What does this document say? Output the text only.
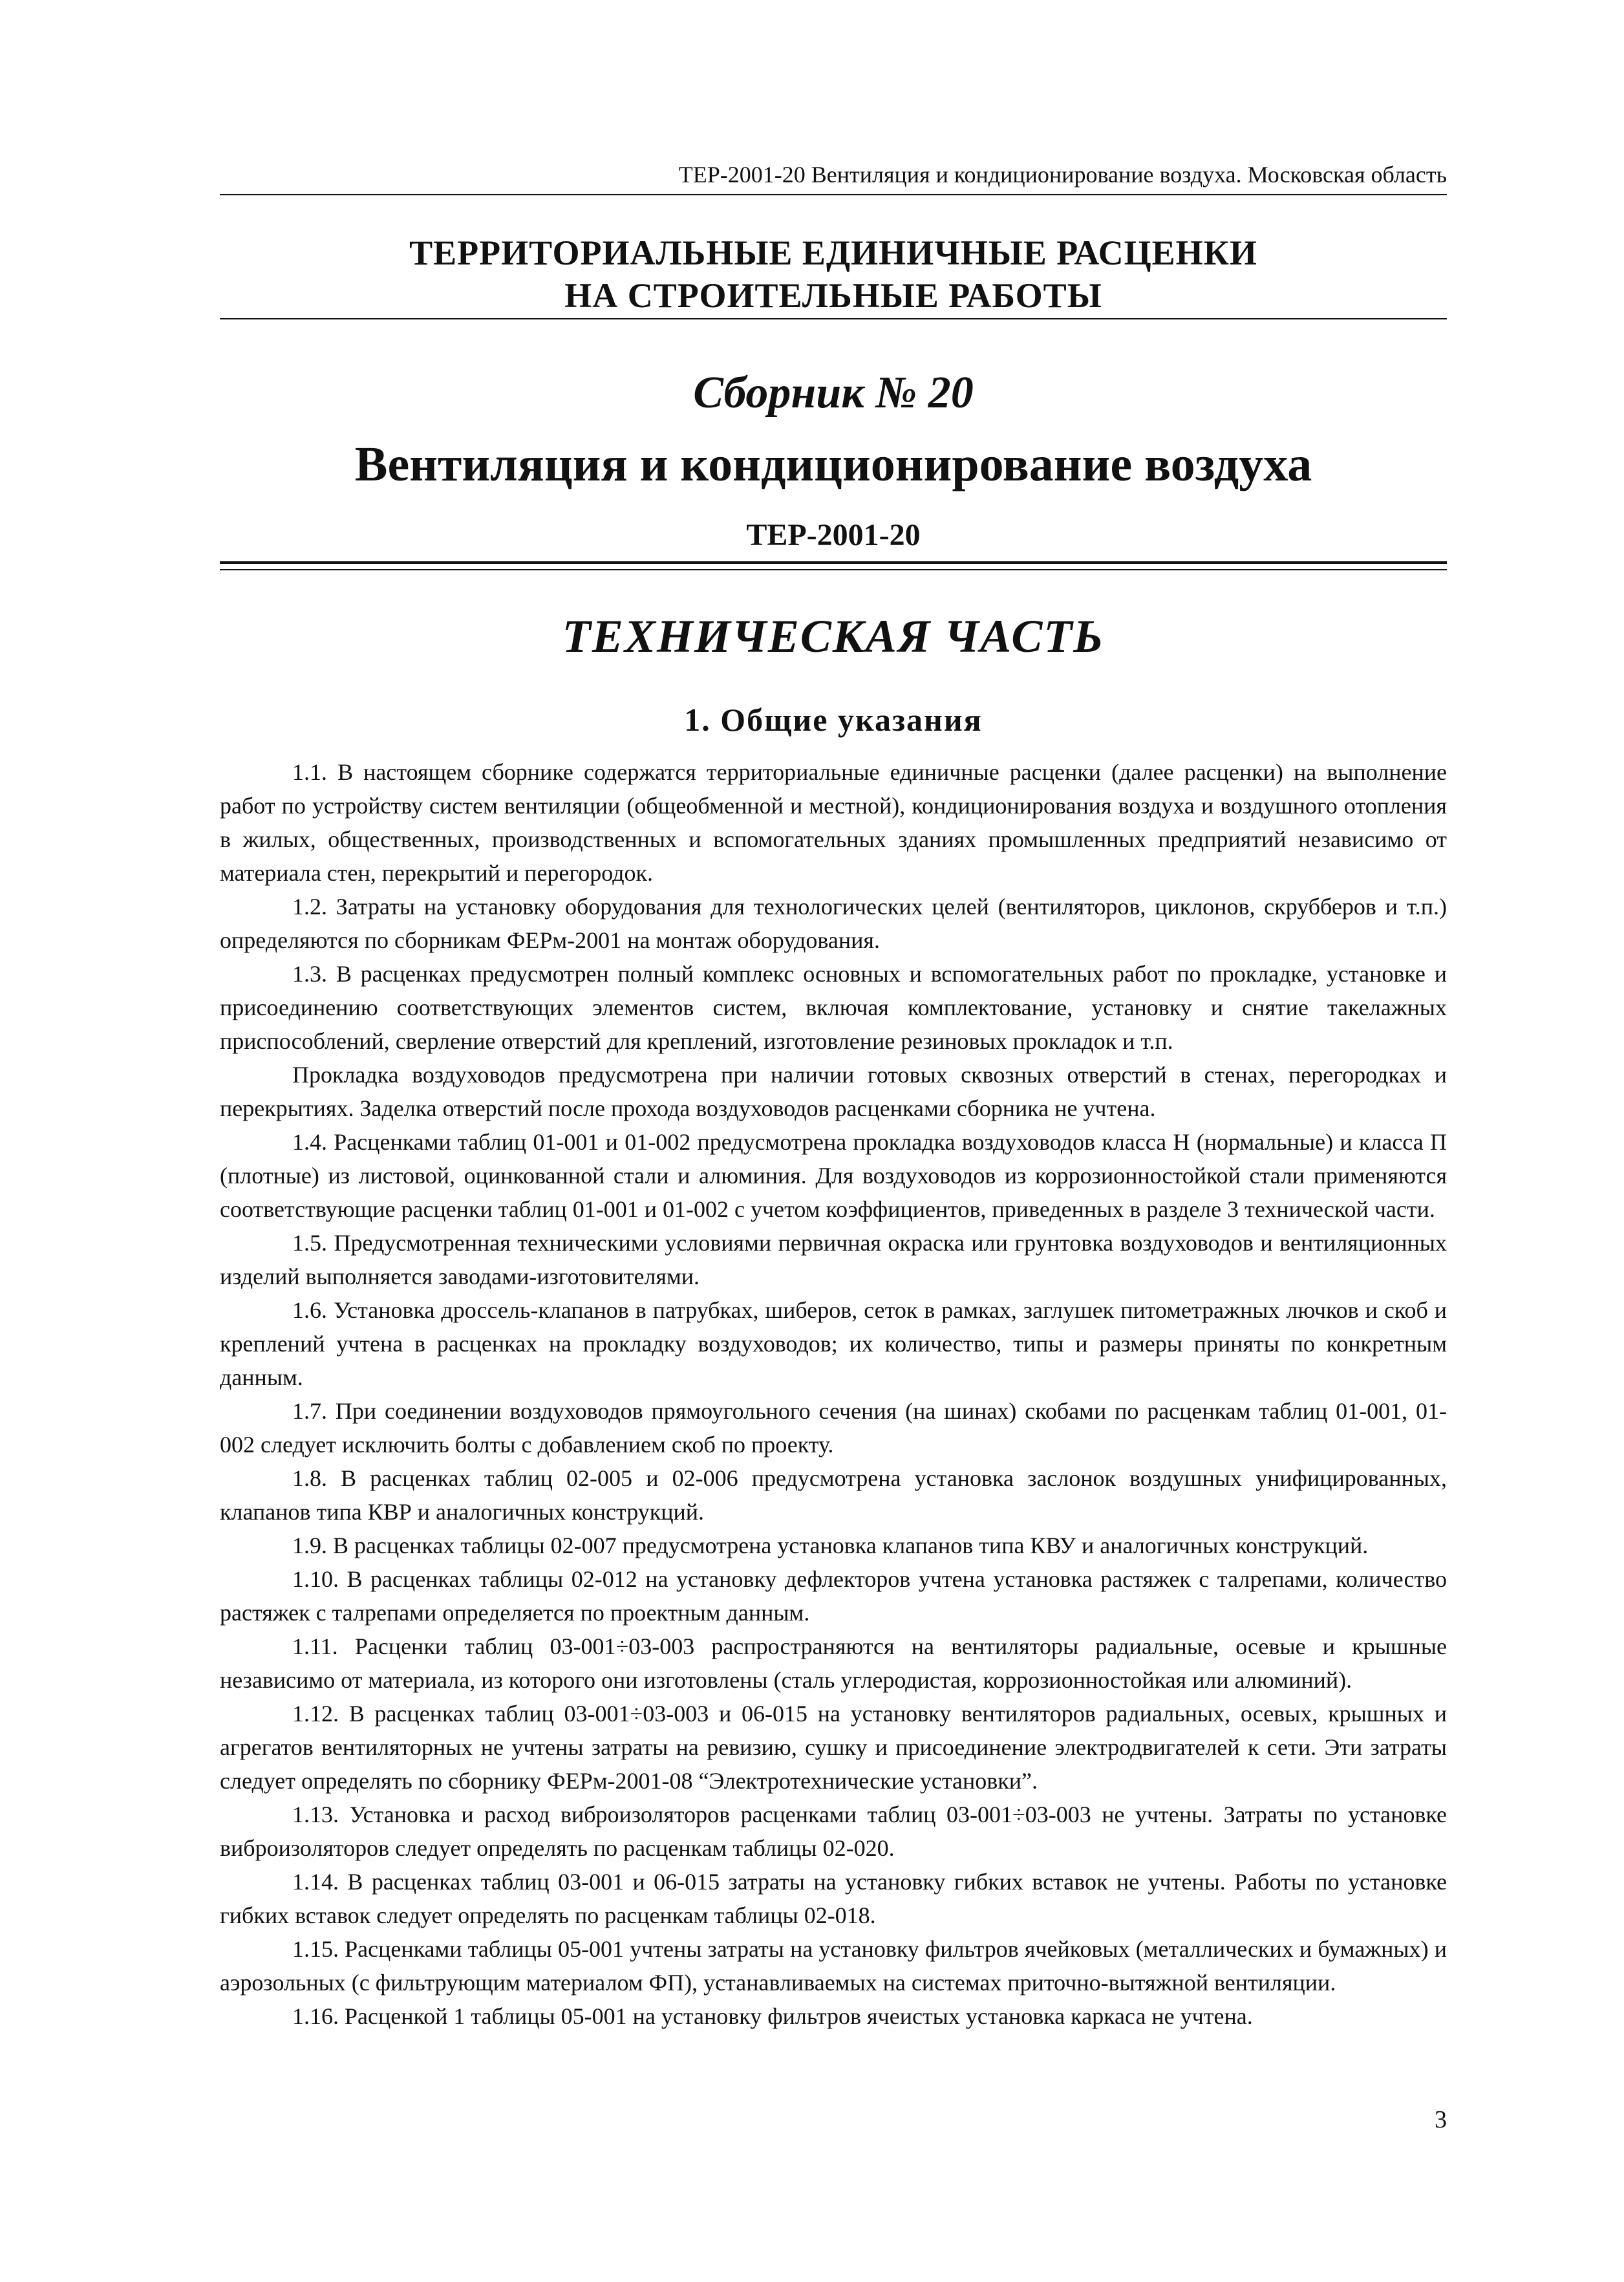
ТЕР-2001-20 Вентиляция и кондиционирование воздуха. Московская область
ТЕРРИТОРИАЛЬНЫЕ ЕДИНИЧНЫЕ РАСЦЕНКИ
НА СТРОИТЕЛЬНЫЕ РАБОТЫ
Сборник № 20
Вентиляция и кондиционирование воздуха
ТЕР-2001-20
ТЕХНИЧЕСКАЯ ЧАСТЬ
1. Общие указания

1.1. В настоящем сборнике содержатся территориальные единичные расценки (далее расценки) на выполнение работ по устройству систем вентиляции (общеобменной и местной), кондиционирования воздуха и воздушного отопления в жилых, общественных, производственных и вспомогательных зданиях промышленных предприятий независимо от материала стен, перекрытий и перегородок.

1.2. Затраты на установку оборудования для технологических целей (вентиляторов, циклонов, скрубберов и т.п.) определяются по сборникам ФЕРм-2001 на монтаж оборудования.

1.3. В расценках предусмотрен полный комплекс основных и вспомогательных работ по прокладке, установке и присоединению соответствующих элементов систем, включая комплектование, установку и снятие такелажных приспособлений, сверление отверстий для креплений, изготовление резиновых прокладок и т.п.

Прокладка воздуховодов предусмотрена при наличии готовых сквозных отверстий в стенах, перегородках и перекрытиях. Заделка отверстий после прохода воздуховодов расценками сборника не учтена.

1.4. Расценками таблиц 01-001 и 01-002 предусмотрена прокладка воздуховодов класса Н (нормальные) и класса П (плотные) из листовой, оцинкованной стали и алюминия. Для воздуховодов из коррозионностойкой стали применяются соответствующие расценки таблиц 01-001 и 01-002 с учетом коэффициентов, приведенных в разделе 3 технической части.

1.5. Предусмотренная техническими условиями первичная окраска или грунтовка воздуховодов и вентиляционных изделий выполняется заводами-изготовителями.

1.6. Установка дроссель-клапанов в патрубках, шиберов, сеток в рамках, заглушек питометражных лючков и скоб и креплений учтена в расценках на прокладку воздуховодов; их количество, типы и размеры приняты по конкретным данным.

1.7. При соединении воздуховодов прямоугольного сечения (на шинах) скобами по расценкам таблиц 01-001, 01-002 следует исключить болты с добавлением скоб по проекту.

1.8. В расценках таблиц 02-005 и 02-006 предусмотрена установка заслонок воздушных унифицированных, клапанов типа КВР и аналогичных конструкций.

1.9. В расценках таблицы 02-007 предусмотрена установка клапанов типа КВУ и аналогичных конструкций.

1.10. В расценках таблицы 02-012 на установку дефлекторов учтена установка растяжек с талрепами, количество растяжек с талрепами определяется по проектным данным.

1.11. Расценки таблиц 03-001÷03-003 распространяются на вентиляторы радиальные, осевые и крышные независимо от материала, из которого они изготовлены (сталь углеродистая, коррозионностойкая или алюминий).

1.12. В расценках таблиц 03-001÷03-003 и 06-015 на установку вентиляторов радиальных, осевых, крышных и агрегатов вентиляторных не учтены затраты на ревизию, сушку и присоединение электродвигателей к сети. Эти затраты следует определять по сборнику ФЕРм-2001-08 “Электротехнические установки”.

1.13. Установка и расход виброизоляторов расценками таблиц 03-001÷03-003 не учтены. Затраты по установке виброизоляторов следует определять по расценкам таблицы 02-020.

1.14. В расценках таблиц 03-001 и 06-015 затраты на установку гибких вставок не учтены. Работы по установке гибких вставок следует определять по расценкам таблицы 02-018.

1.15. Расценками таблицы 05-001 учтены затраты на установку фильтров ячейковых (металлических и бумажных) и аэрозольных (с фильтрующим материалом ФП), устанавливаемых на системах приточно-вытяжной вентиляции.

1.16. Расценкой 1 таблицы 05-001 на установку фильтров ячеистых установка каркаса не учтена.

3
